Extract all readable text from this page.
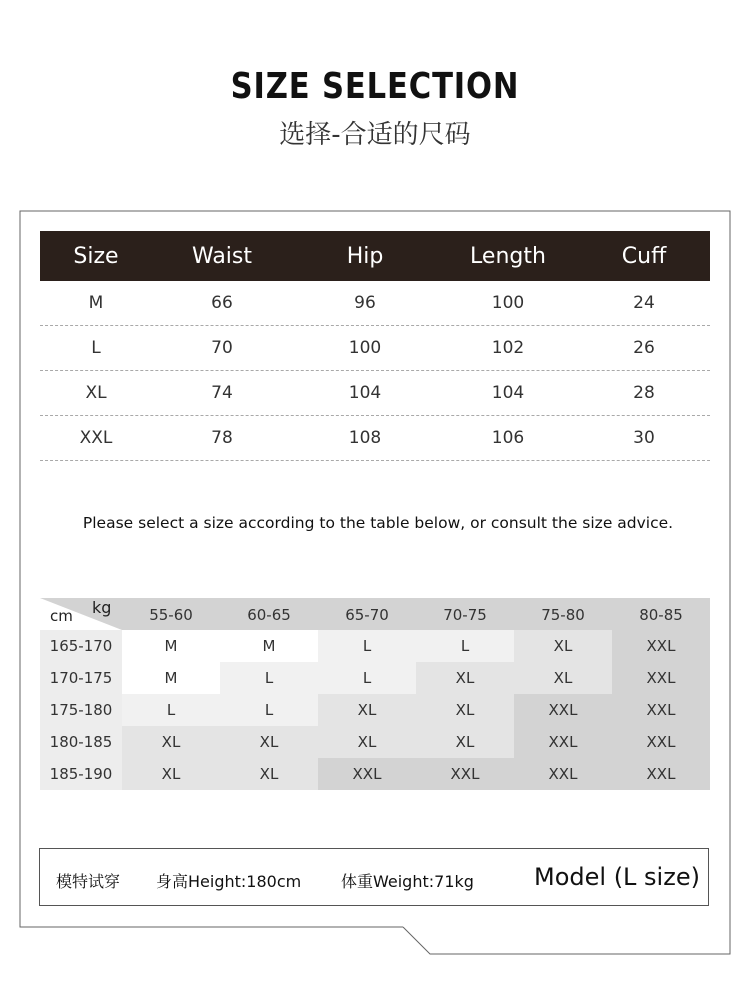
SIZE SELECTION
选择-合适的尺码
Size	Waist	Hip	Length	Cuff
M	66	96	100	24
L	70	100	102	26
XL	74	104	104	28
XXL	78	108	106	30
Please select a size according to the table below, or consult the size advice.
cm kg	55-60	60-65	65-70	70-75	75-80	80-85
165-170	M	M	L	L	XL	XXL
170-175	M	L	L	XL	XL	XXL
175-180	L	L	XL	XL	XXL	XXL
180-185	XL	XL	XL	XL	XXL	XXL
185-190	XL	XL	XXL	XXL	XXL	XXL
模特试穿 身高Height:180cm 体重Weight:71kg	Model (L size)
